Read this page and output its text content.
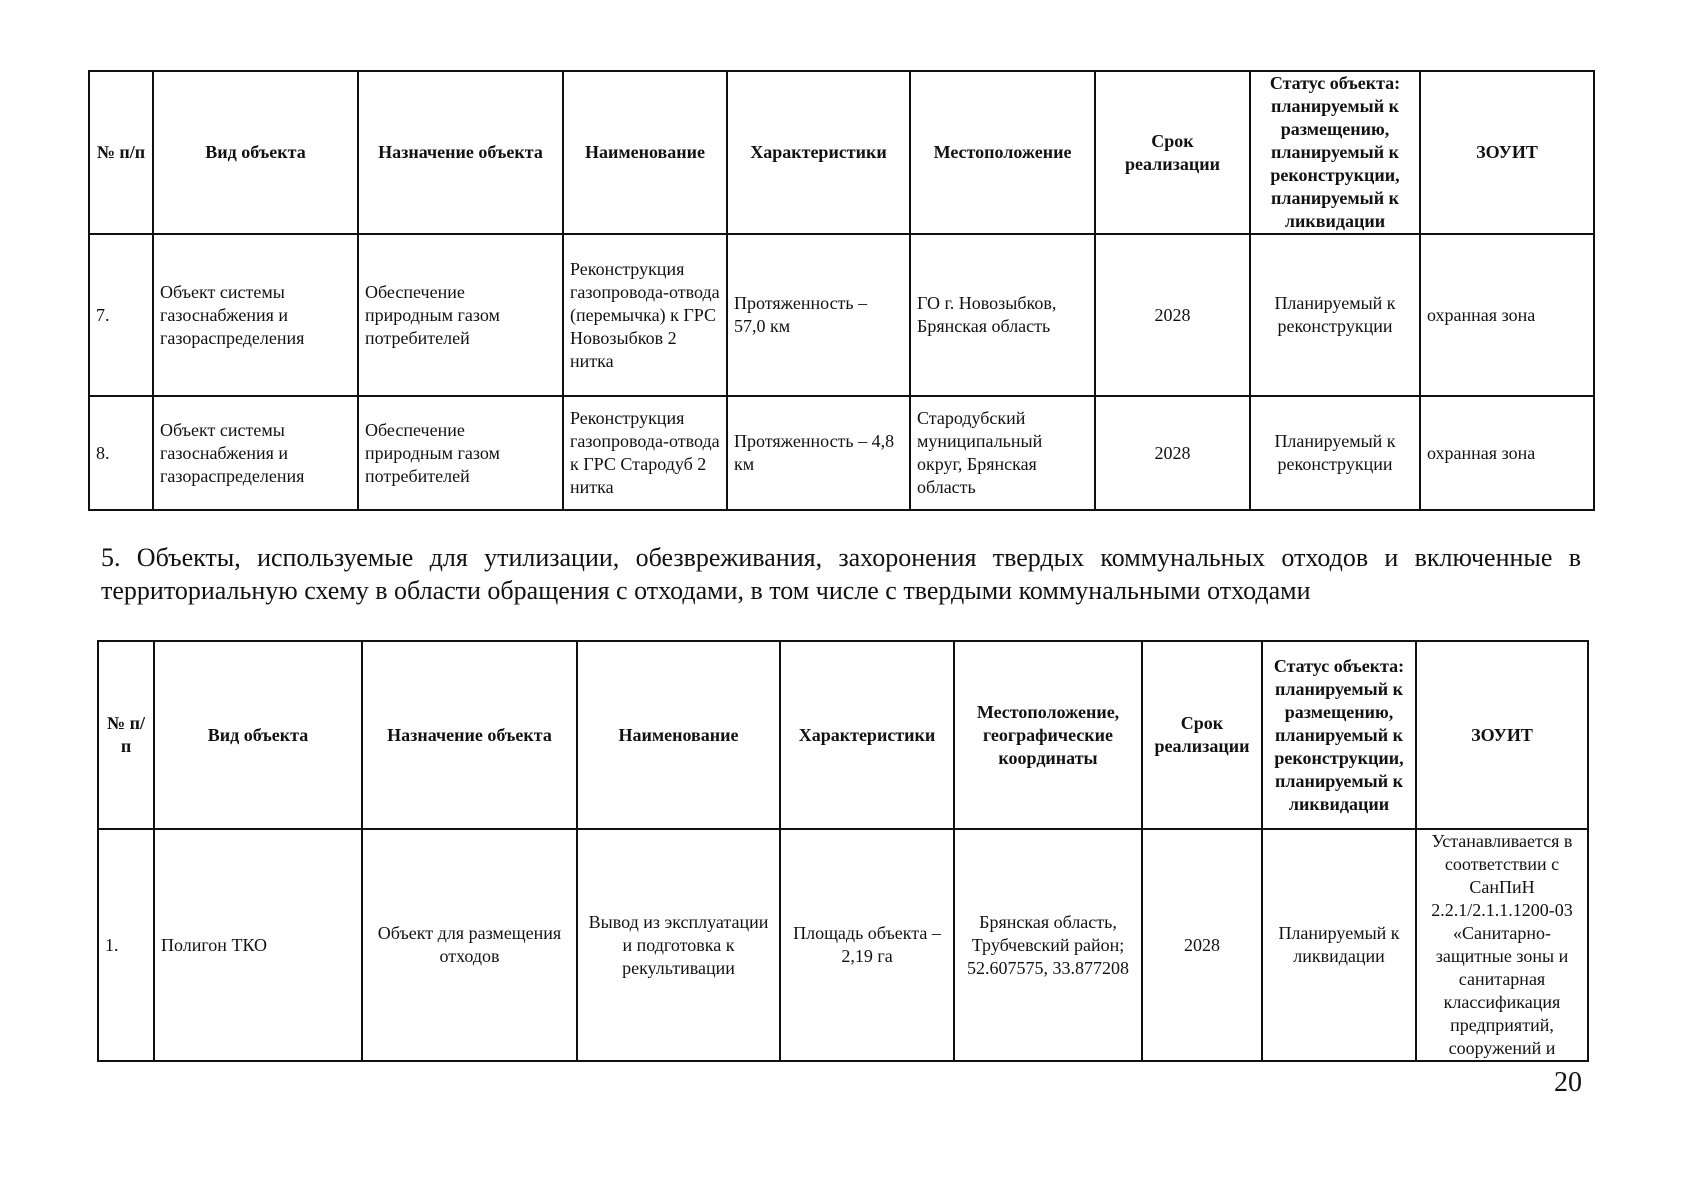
№ п/п	Вид объекта	Назначение объекта	Наименование	Характеристики	Местоположение	Срок реализации	Статус объекта: планируемый к размещению, планируемый к реконструкции, планируемый к ликвидации	ЗОУИТ
7.	Объект системы газоснабжения и газораспределения	Обеспечение природным газом потребителей	Реконструкция газопровода-отвода (перемычка) к ГРС Новозыбков 2 нитка	Протяженность – 57,0 км	ГО г. Новозыбков, Брянская область	2028	Планируемый к реконструкции	охранная зона
8.	Объект системы газоснабжения и газораспределения	Обеспечение природным газом потребителей	Реконструкция газопровода-отвода к ГРС Стародуб 2 нитка	Протяженность – 4,8 км	Стародубский муниципальный округ, Брянская область	2028	Планируемый к реконструкции	охранная зона
5. Объекты, используемые для утилизации, обезвреживания, захоронения твердых коммунальных отходов и включенные в территориальную схему в области обращения с отходами, в том числе с твердыми коммунальными отходами
№ п/п	Вид объекта	Назначение объекта	Наименование	Характеристики	Местоположение, географические координаты	Срок реализации	Статус объекта: планируемый к размещению, планируемый к реконструкции, планируемый к ликвидации	ЗОУИТ
1.	Полигон ТКО	Объект для размещения отходов	Вывод из эксплуатации и подготовка к рекультивации	Площадь объекта – 2,19 га	Брянская область, Трубчевский район; 52.607575, 33.877208	2028	Планируемый к ликвидации	Устанавливается в соответствии с СанПиН 2.2.1/2.1.1.1200-03 «Санитарно-защитные зоны и санитарная классификация предприятий, сооружений и
20
